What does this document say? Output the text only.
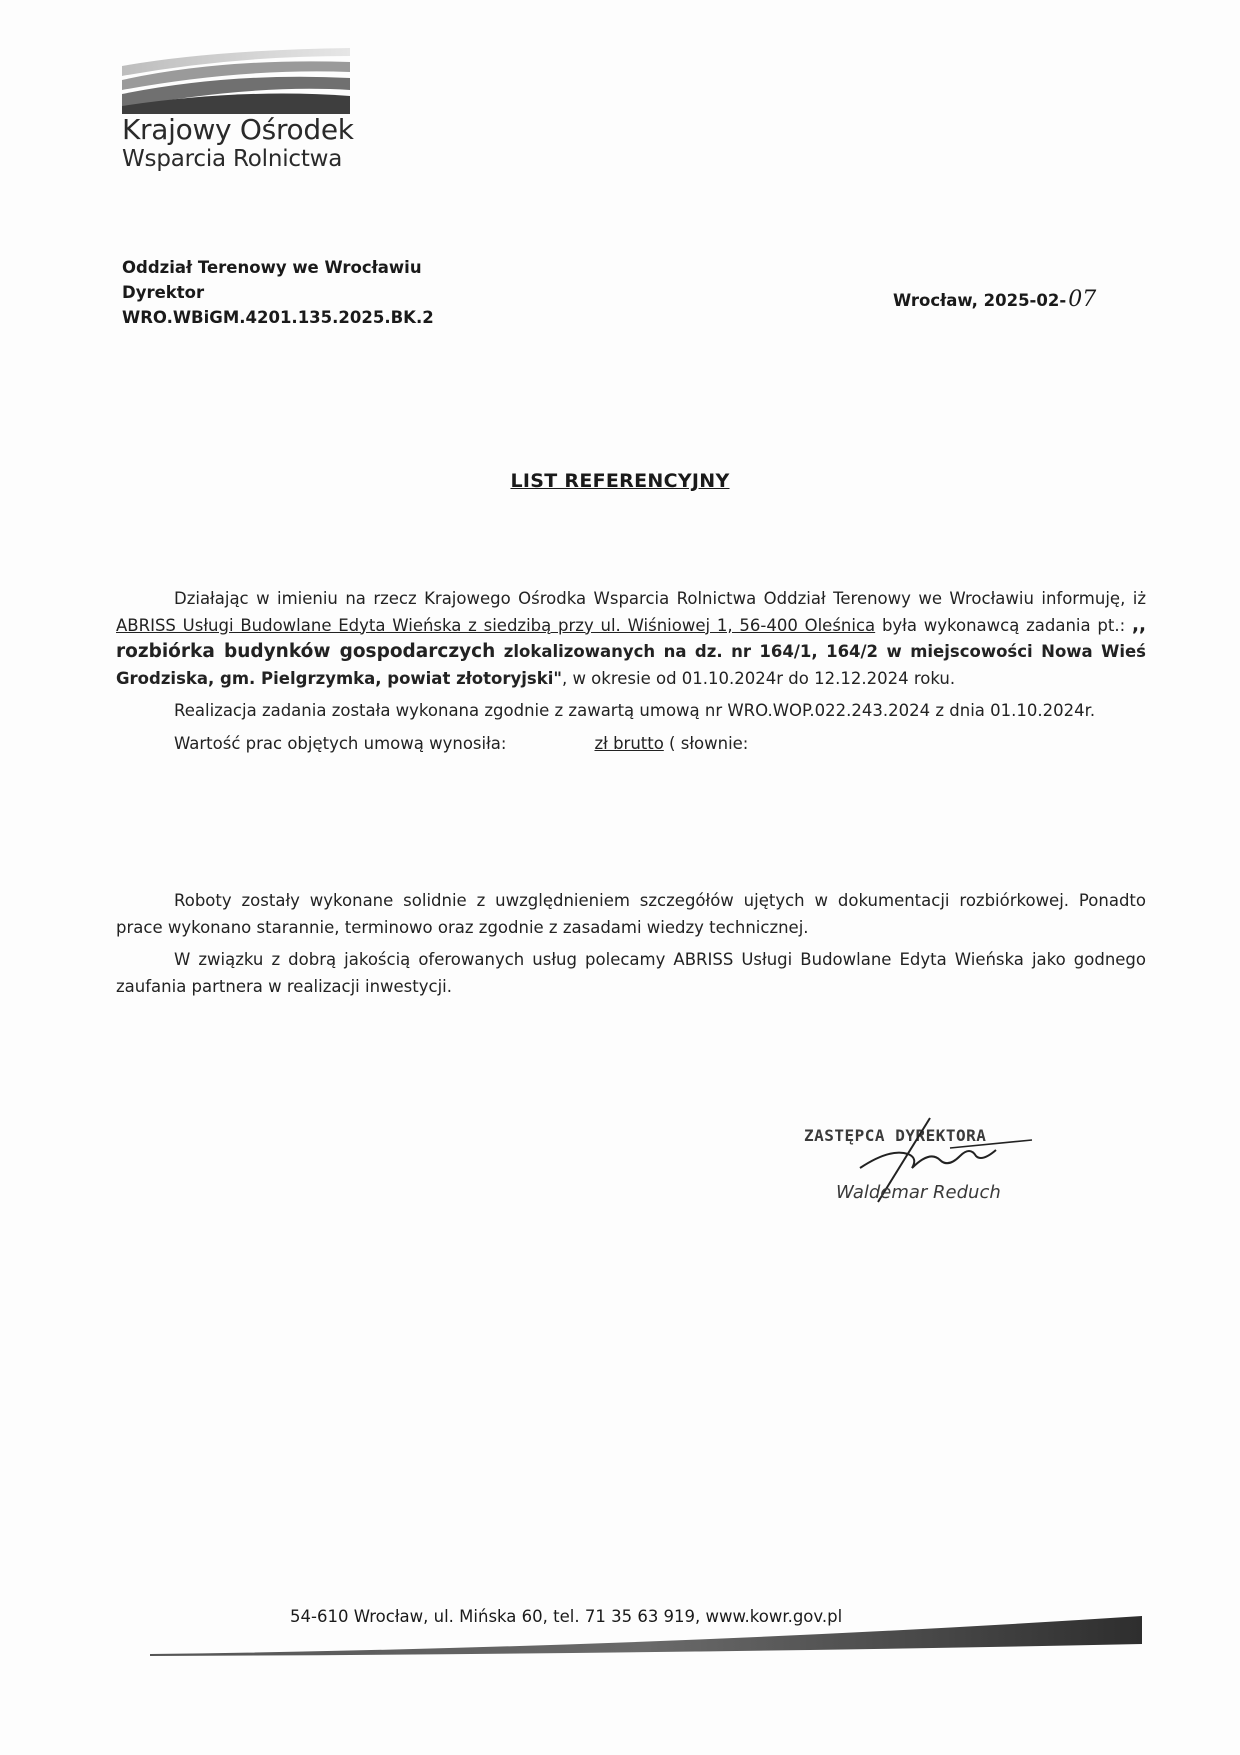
Krajowy Ośrodek
Wsparcia Rolnictwa
Oddział Terenowy we Wrocławiu
Dyrektor
WRO.WBiGM.4201.135.2025.BK.2
Wrocław, 2025-02-07
LIST REFERENCYJNY

Działając w imieniu na rzecz Krajowego Ośrodka Wsparcia Rolnictwa Oddział Terenowy we Wrocławiu informuję, iż ABRISS Usługi Budowlane Edyta Wieńska z siedzibą przy ul. Wiśniowej 1, 56-400 Oleśnica była wykonawcą zadania pt.: ,, rozbiórka budynków gospodarczych zlokalizowanych na dz. nr 164/1, 164/2 w miejscowości Nowa Wieś Grodziska, gm. Pielgrzymka, powiat złotoryjski", w okresie od 01.10.2024r do 12.12.2024 roku.

Realizacja zadania została wykonana zgodnie z zawartą umową nr WRO.WOP.022.243.2024 z dnia 01.10.2024r.

Wartość prac objętych umową wynosiła:	zł brutto ( słownie:

Roboty zostały wykonane solidnie z uwzględnieniem szczegółów ujętych w dokumentacji rozbiórkowej. Ponadto prace wykonano starannie, terminowo oraz zgodnie z zasadami wiedzy technicznej.

W związku z dobrą jakością oferowanych usług polecamy ABRISS Usługi Budowlane Edyta Wieńska jako godnego zaufania partnera w realizacji inwestycji.

ZASTĘPCA DYREKTORA
Waldemar Reduch
54-610 Wrocław, ul. Mińska 60, tel. 71 35 63 919, www.kowr.gov.pl
